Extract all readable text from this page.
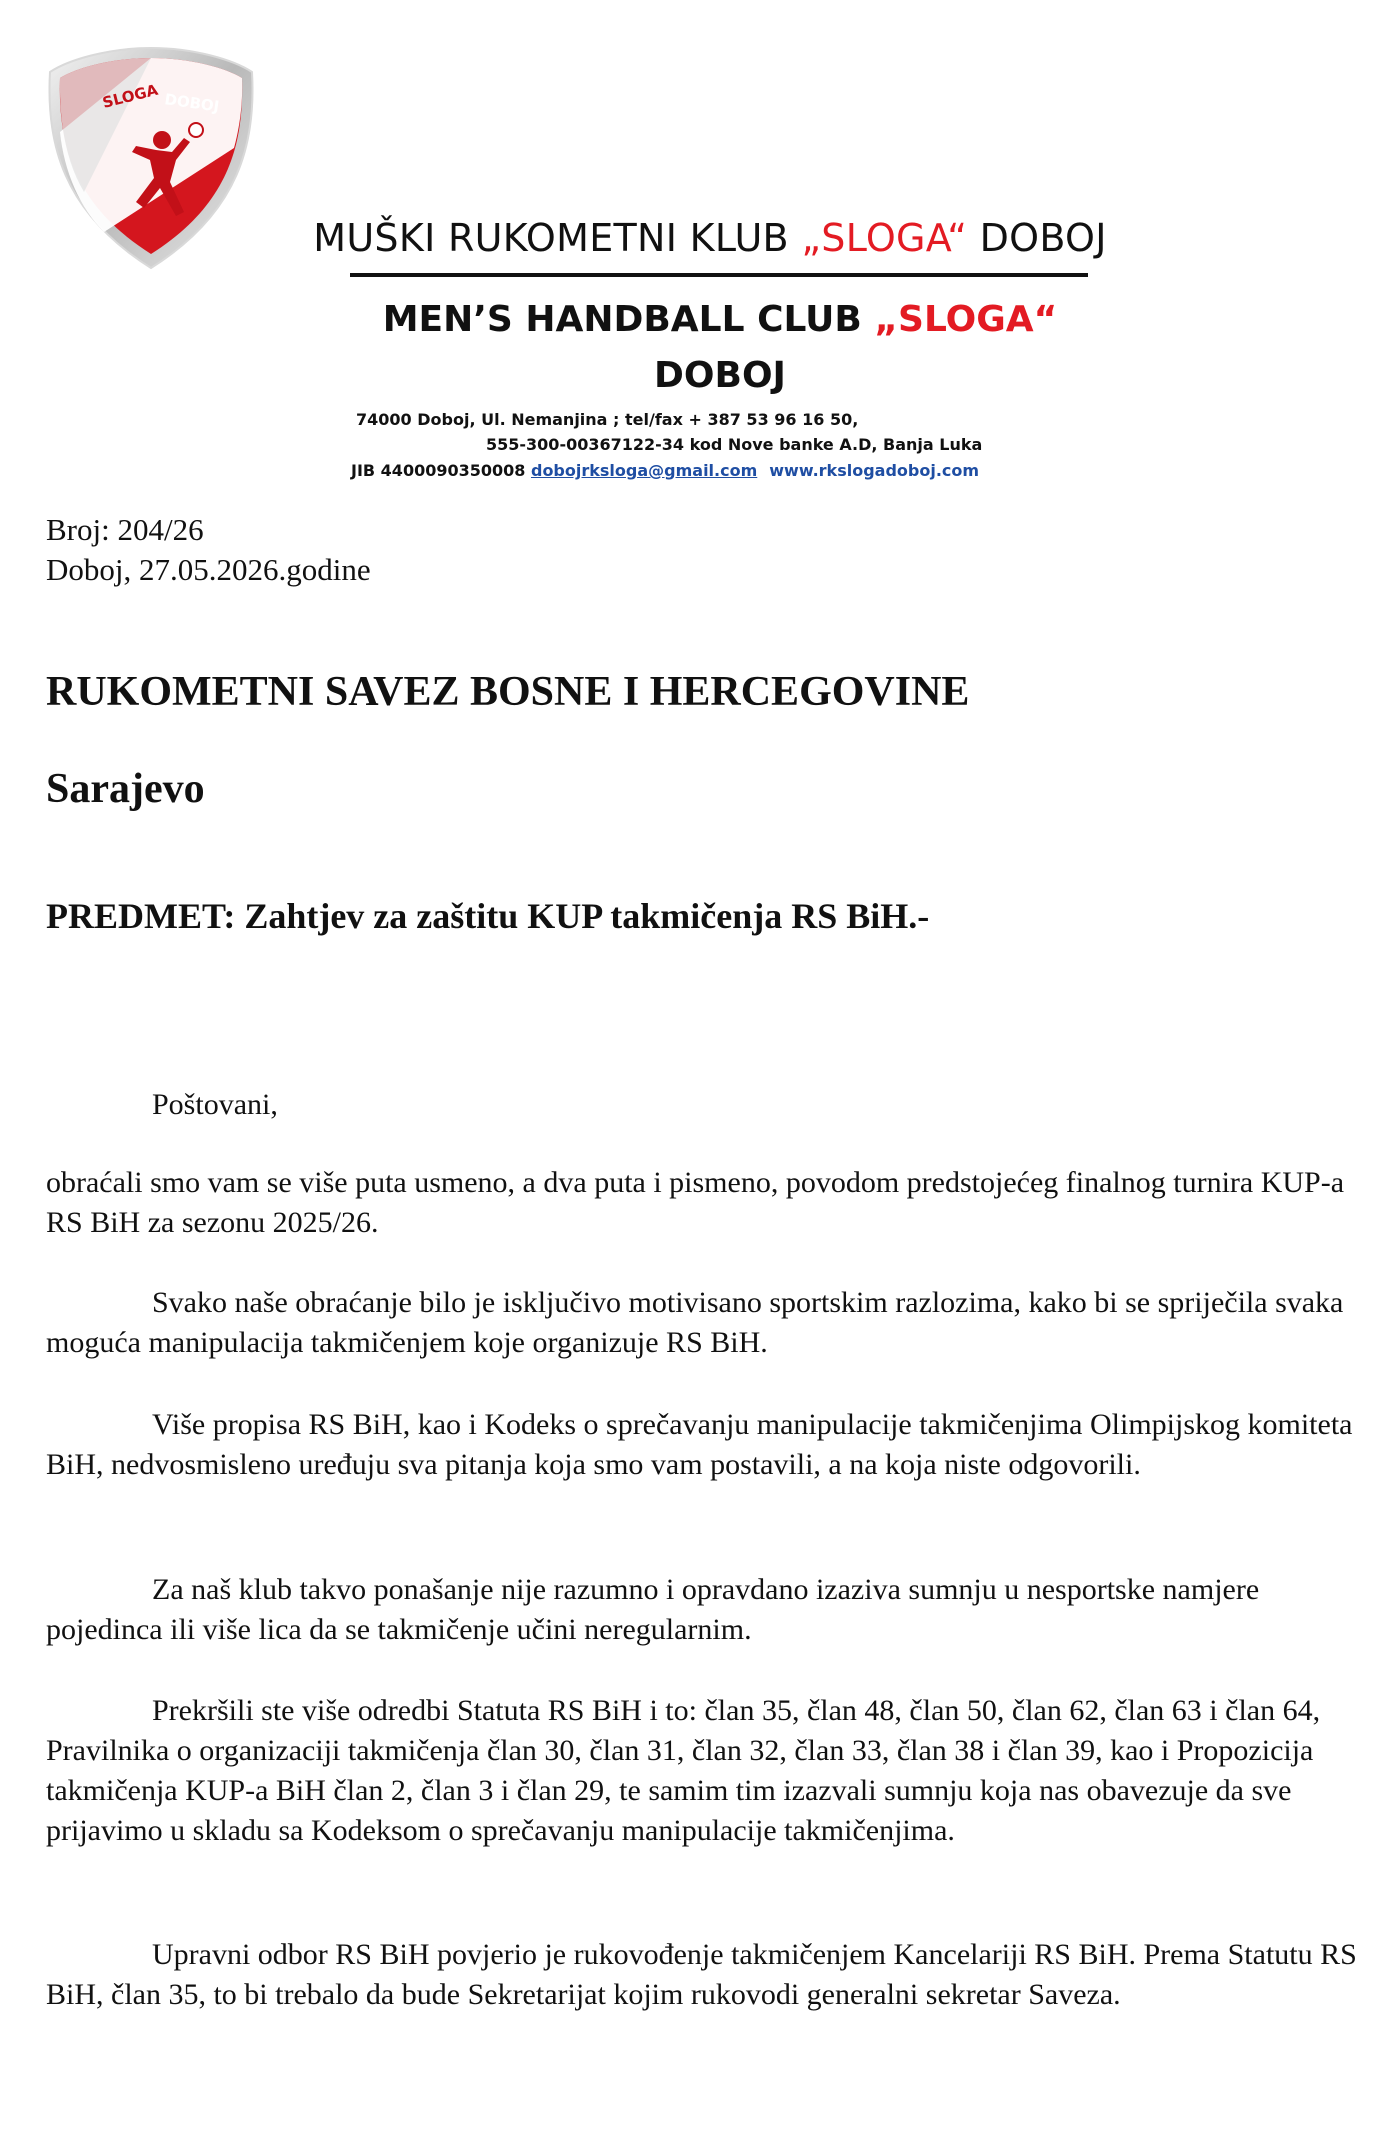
SLOGA DOBOJ
MUŠKI RUKOMETNI KLUB „SLOGA“ DOBOJ
MEN’S HANDBALL CLUB „SLOGA“
DOBOJ
74000 Doboj, Ul. Nemanjina ; tel/fax + 387 53 96 16 50,
555-300-00367122-34 kod Nove banke A.D, Banja Luka
JIB 4400090350008 dobojrksloga@gmail.com www.rkslogadoboj.com
Broj: 204/26
Doboj, 27.05.2026.godine
RUKOMETNI SAVEZ BOSNE I HERCEGOVINE
Sarajevo
PREDMET: Zahtjev za zaštitu KUP takmičenja RS BiH.-
Poštovani,

obraćali smo vam se više puta usmeno, a dva puta i pismeno, povodom predstojećeg finalnog turnira KUP-a RS BiH za sezonu 2025/26.

Svako naše obraćanje bilo je isključivo motivisano sportskim razlozima, kako bi se spriječila svaka moguća manipulacija takmičenjem koje organizuje RS BiH.

Više propisa RS BiH, kao i Kodeks o sprečavanju manipulacije takmičenjima Olimpijskog komiteta BiH, nedvosmisleno uređuju sva pitanja koja smo vam postavili, a na koja niste odgovorili.

Za naš klub takvo ponašanje nije razumno i opravdano izaziva sumnju u nesportske namjere pojedinca ili više lica da se takmičenje učini neregularnim.

Prekršili ste više odredbi Statuta RS BiH i to: član 35, član 48, član 50, član 62, član 63 i član 64, Pravilnika o organizaciji takmičenja član 30, član 31, član 32, član 33, član 38 i član 39, kao i Propozicija takmičenja KUP-a BiH član 2, član 3 i član 29, te samim tim izazvali sumnju koja nas obavezuje da sve prijavimo u skladu sa Kodeksom o sprečavanju manipulacije takmičenjima.

Upravni odbor RS BiH povjerio je rukovođenje takmičenjem Kancelariji RS BiH. Prema Statutu RS BiH, član 35, to bi trebalo da bude Sekretarijat kojim rukovodi generalni sekretar Saveza.
